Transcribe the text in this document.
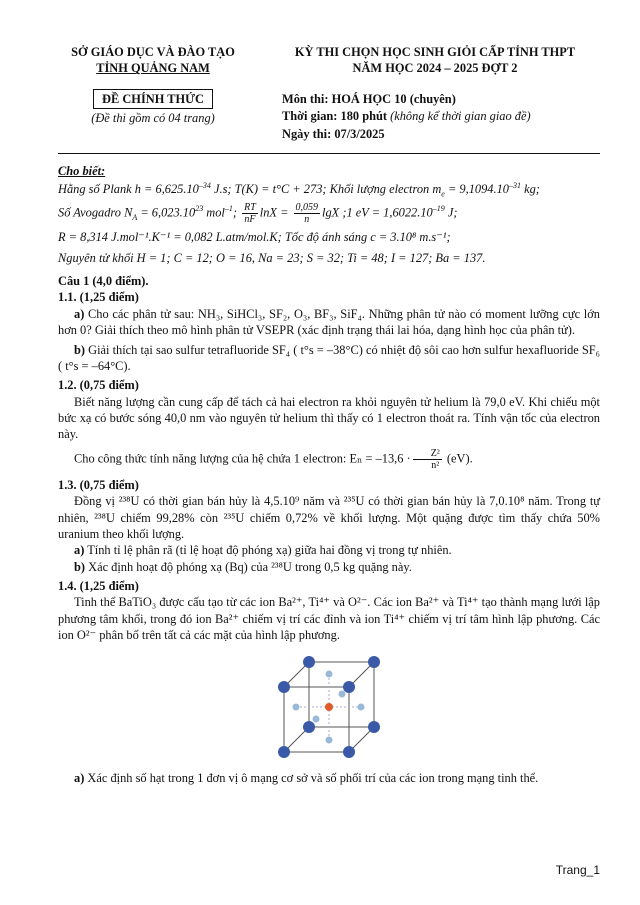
SỞ GIÁO DỤC VÀ ĐÀO TẠO
TỈNH QUẢNG NAM
ĐỀ CHÍNH THỨC
(Đề thi gồm có 04 trang)
KỲ THI CHỌN HỌC SINH GIỎI CẤP TỈNH THPT
NĂM HỌC 2024 – 2025 ĐỢT 2
Môn thi: HOÁ HỌC 10 (chuyên)
Thời gian: 180 phút (không kể thời gian giao đề)
Ngày thi: 07/3/2025
Cho biết:

Hằng số Plank $h = 6,625.10^{-34}$ J.s; T(K) = t°C + 273; Khối lượng electron $m_e = 9,1094.10^{-31}$ kg;

Số Avogadro $N_A = 6,023.10^{23}$ mol$^{-1}$; $\frac{RT}{nF}$ $\ln X = \frac{0,059}{n}$ lgX ;1 eV = $1,6022.10^{-19}$ J;

R = 8,314 J.mol⁻¹.K⁻¹ = 0,082 L.atm/mol.K; Tốc độ ánh sáng c = 3.10⁸ m.s⁻¹;

Nguyên tử khối H = 1; C = 12; O = 16, Na = 23; S = 32; Ti = 48; I = 127; Ba = 137.

Câu 1 (4,0 điểm).
1.1. (1,25 điểm)

a) Cho các phân tử sau: NH₃, SiHCl₃, SF₂, O₃, BF₃, SiF₄. Những phân tử nào có moment lưỡng cực lớn hơn 0? Giải thích theo mô hình phân tử VSEPR (xác định trạng thái lai hóa, dạng hình học của phân tử).

b) Giải thích tại sao sulfur tetrafluoride SF₄ ( t°s = –38°C) có nhiệt độ sôi cao hơn sulfur hexafluoride SF₆ ( t°s = –64°C).

1.2. (0,75 điểm)

Biết năng lượng cần cung cấp để tách cả hai electron ra khỏi nguyên tử helium là 79,0 eV. Khi chiếu một bức xạ có bước sóng 40,0 nm vào nguyên tử helium thì thấy có 1 electron thoát ra. Tính vận tốc của electron này.

Cho công thức tính năng lượng của hệ chứa 1 electron: $E_n = -13,6 \cdot \frac{\text{Z²}}{\text{n²}} (eV)$.

1.3. (0,75 điểm)

Đồng vị ²³⁸U có thời gian bán hủy là 4,5.10⁹ năm và ²³⁵U có thời gian bán hủy là 7,0.10⁸ năm. Trong tự nhiên, ²³⁸U chiếm 99,28% còn ²³⁵U chiếm 0,72% về khối lượng. Một quặng được tìm thấy chứa 50% uranium theo khối lượng.

a) Tính tỉ lệ phân rã (tỉ lệ hoạt độ phóng xạ) giữa hai đồng vị trong tự nhiên.

b) Xác định hoạt độ phóng xạ (Bq) của ²³⁸U trong 0,5 kg quặng này.

1.4. (1,25 điểm)

Tinh thể BaTiO₃ được cấu tạo từ các ion Ba²⁺, Ti⁴⁺ và O²⁻. Các ion Ba²⁺ và Ti⁴⁺ tạo thành mạng lưới lập phương tâm khối, trong đó ion Ba²⁺ chiếm vị trí các đỉnh và ion Ti⁴⁺ chiếm vị trí tâm hình lập phương. Các ion O²⁻ phân bố trên tất cả các mặt của hình lập phương.

a) Xác định số hạt trong 1 đơn vị ô mạng cơ sở và số phối trí của các ion trong mạng tinh thể.

Trang_1
